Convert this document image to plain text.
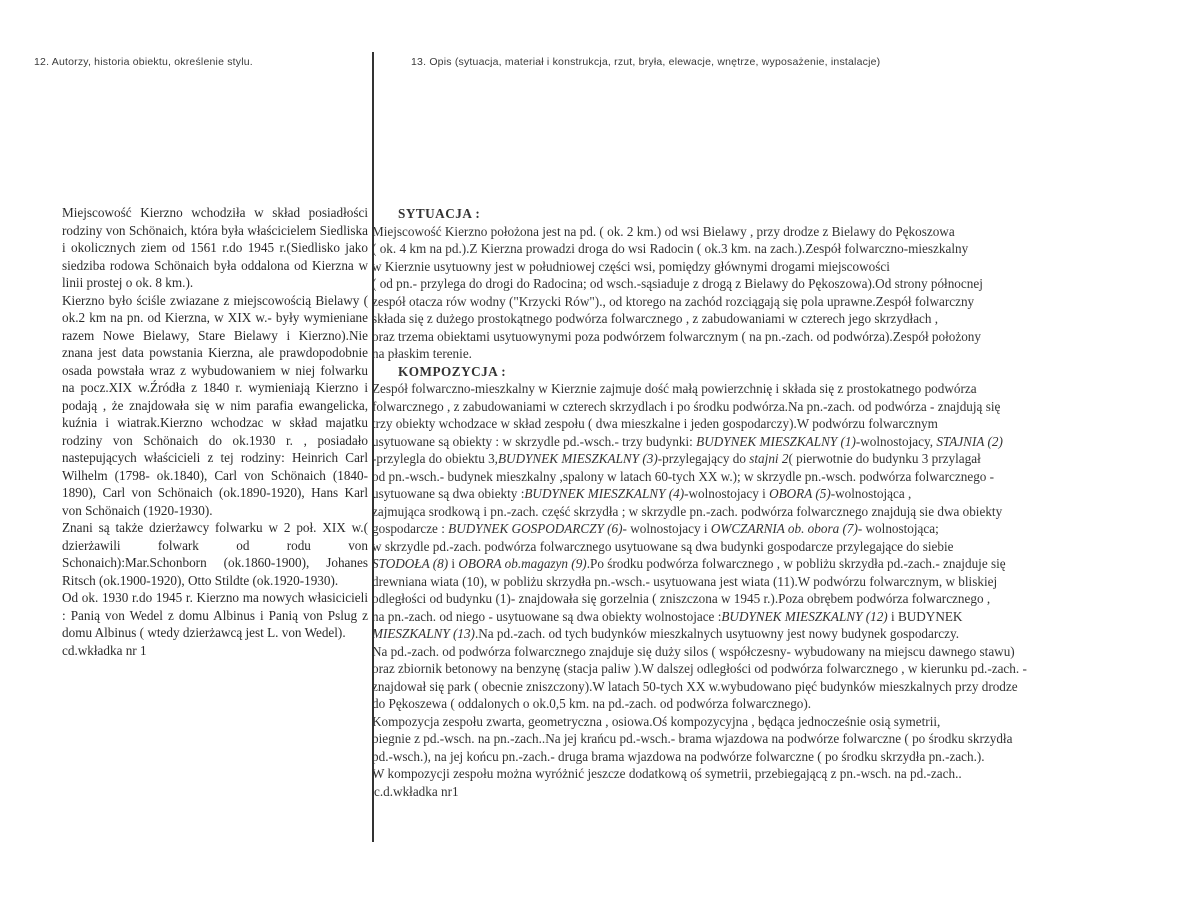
12. Autorzy, historia obiektu, określenie stylu.	13. Opis (sytuacja, materiał i konstrukcja, rzut, bryła, elewacje, wnętrze, wyposażenie, instalacje)

Miejscowość Kierzno wchodziła w skład posiadłości rodziny von Schönaich, która była właścicielem Siedliska i okolicznych ziem od 1561 r.do 1945 r.(Siedlisko jako siedziba rodowa Schönaich była oddalona od Kierzna w linii prostej o ok. 8 km.).

Kierzno było ściśle zwiazane z miejscowością Bielawy ( ok.2 km na pn. od Kierzna, w XIX w.- były wymieniane razem Nowe Bielawy, Stare Bielawy i Kierzno).Nie znana jest data powstania Kierzna, ale prawdopodobnie osada powstała wraz z wybudowaniem w niej folwarku na pocz.XIX w.Źródła z 1840 r. wymieniają Kierzno i podają , że znajdowała się w nim parafia ewangelicka, kuźnia i wiatrak.Kierzno wchodzac w skład majatku rodziny von Schönaich do ok.1930 r. , posiadało nastepujących właścicieli z tej rodziny: Heinrich Carl Wilhelm (1798- ok.1840), Carl von Schönaich (1840-1890), Carl von Schönaich (ok.1890-1920), Hans Karl von Schönaich (1920-1930).

Znani są także dzierżawcy folwarku w 2 poł. XIX w.( dzierżawili folwark od rodu von Schonaich):Mar.Schonborn (ok.1860-1900), Johanes Ritsch (ok.1900-1920), Otto Stildte (ok.1920-1930).

Od ok. 1930 r.do 1945 r. Kierzno ma nowych własicicieli : Panią von Wedel z domu Albinus i Panią von Pslug z domu Albinus ( wtedy dzierżawcą jest L. von Wedel).

cd.wkładka nr 1

SYTUACJA :

Miejscowość Kierzno położona jest na pd. ( ok. 2 km.) od wsi Bielawy , przy drodze z Bielawy do Pękoszowa

( ok. 4 km na pd.).Z Kierzna prowadzi droga do wsi Radocin ( ok.3 km. na zach.).Zespół folwarczno-mieszkalny

w Kierznie usytuowny jest w południowej części wsi, pomiędzy głównymi drogami miejscowości

( od pn.- przylega do drogi do Radocina; od wsch.-sąsiaduje z drogą z Bielawy do Pękoszowa).Od strony północnej

zespół otacza rów wodny ("Krzycki Rów")., od ktorego na zachód rozciągają się pola uprawne.Zespół folwarczny

składa się z dużego prostokątnego podwórza folwarcznego , z zabudowaniami w czterech jego skrzydłach ,

oraz trzema obiektami usytuowynymi poza podwórzem folwarcznym ( na pn.-zach. od podwórza).Zespół położony

na płaskim terenie.

KOMPOZYCJA :

Zespół folwarczno-mieszkalny w Kierznie zajmuje dość małą powierzchnię i składa się z prostokatnego podwórza

folwarcznego , z zabudowaniami w czterech skrzydlach i po środku podwórza.Na pn.-zach. od podwórza - znajdują się

trzy obiekty wchodzace w skład zespołu ( dwa mieszkalne i jeden gospodarczy).W podwórzu folwarcznym

usytuowane są obiekty : w skrzydle pd.-wsch.- trzy budynki: BUDYNEK MIESZKALNY (1)-wolnostojacy, STAJNIA (2)

-przylegla do obiektu 3,BUDYNEK MIESZKALNY (3)-przylegający do stajni 2( pierwotnie do budynku 3 przylagał

od pn.-wsch.- budynek mieszkalny ,spalony w latach 60-tych XX w.); w skrzydle pn.-wsch. podwórza folwarcznego -

usytuowane są dwa obiekty :BUDYNEK MIESZKALNY (4)-wolnostojacy i OBORA (5)-wolnostojąca ,

zajmująca srodkową i pn.-zach. część skrzydła ; w skrzydle pn.-zach. podwórza folwarcznego znajdują sie dwa obiekty

gospodarcze : BUDYNEK GOSPODARCZY (6)- wolnostojacy i OWCZARNIA ob. obora (7)- wolnostojąca;

w skrzydle pd.-zach. podwórza folwarcznego usytuowane są dwa budynki gospodarcze przylegające do siebie

STODOŁA (8) i OBORA ob.magazyn (9).Po środku podwórza folwarcznego , w pobliżu skrzydła pd.-zach.- znajduje się

drewniana wiata (10), w pobliżu skrzydła pn.-wsch.- usytuowana jest wiata (11).W podwórzu folwarcznym, w bliskiej

odległości od budynku (1)- znajdowała się gorzelnia ( zniszczona w 1945 r.).Poza obrębem podwórza folwarcznego ,

na pn.-zach. od niego - usytuowane są dwa obiekty wolnostojace :BUDYNEK MIESZKALNY (12) i BUDYNEK

MIESZKALNY (13).Na pd.-zach. od tych budynków mieszkalnych usytuowny jest nowy budynek gospodarczy.

Na pd.-zach. od podwórza folwarcznego znajduje się duży silos ( współczesny- wybudowany na miejscu dawnego stawu)

oraz zbiornik betonowy na benzynę (stacja paliw ).W dalszej odległości od podwórza folwarcznego , w kierunku pd.-zach. -

znajdował się park ( obecnie zniszczony).W latach 50-tych XX w.wybudowano pięć budynków mieszkalnych przy drodze

do Pękoszewa ( oddalonych o ok.0,5 km. na pd.-zach. od podwórza folwarcznego).

Kompozycja zespołu zwarta, geometryczna , osiowa.Oś kompozycyjna , będąca jednocześnie osią symetrii,

biegnie z pd.-wsch. na pn.-zach..Na jej krańcu pd.-wsch.- brama wjazdowa na podwórze folwarczne ( po środku skrzydła

pd.-wsch.), na jej końcu pn.-zach.- druga brama wjazdowa na podwórze folwarczne ( po środku skrzydła pn.-zach.).

W kompozycji zespołu można wyróżnić jeszcze dodatkową oś symetrii, przebiegającą z pn.-wsch. na pd.-zach..

c.d.wkładka nr1
